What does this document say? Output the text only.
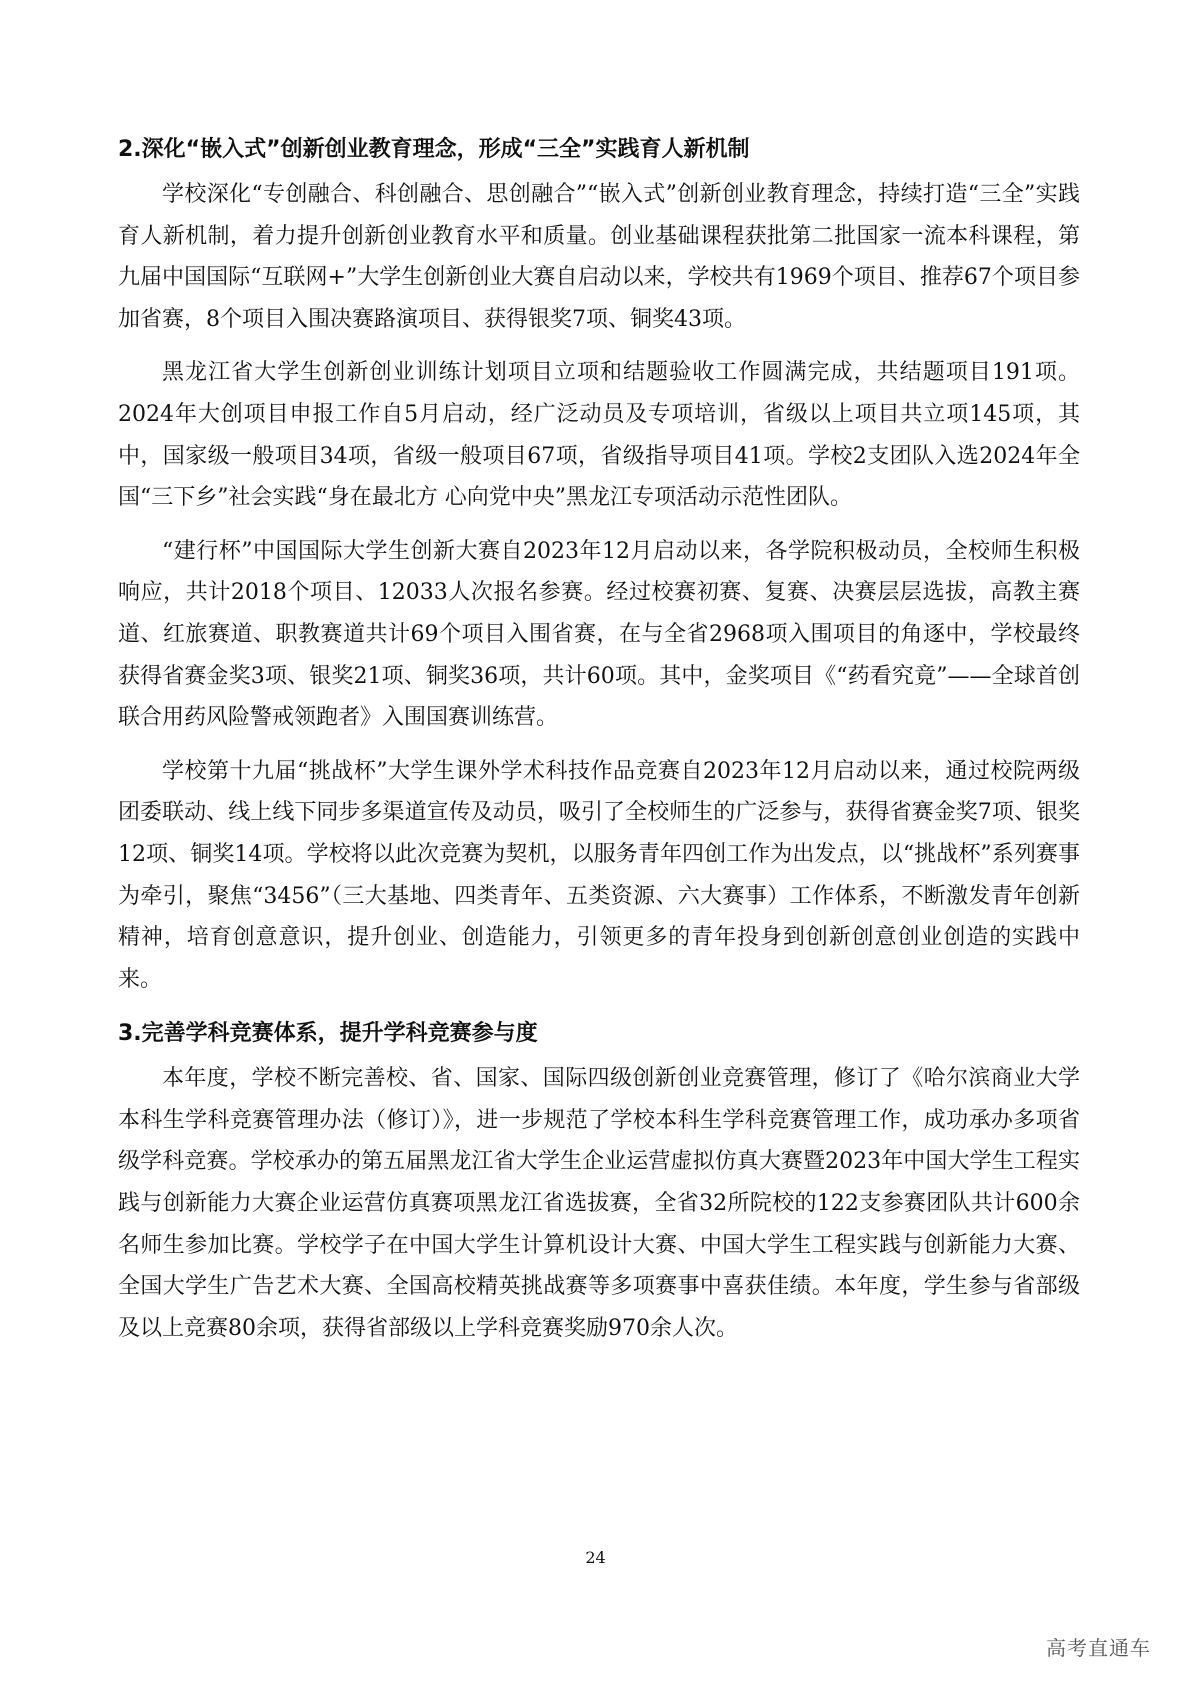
2.深化“嵌入式”创新创业教育理念，形成“三全”实践育人新机制

学校深化“专创融合、科创融合、思创融合”“嵌入式”创新创业教育理念，持续打造“三全”实践育人新机制，着力提升创新创业教育水平和质量。创业基础课程获批第二批国家一流本科课程，第九届中国国际“互联网+”大学生创新创业大赛自启动以来，学校共有1969个项目、推荐67个项目参加省赛，8个项目入围决赛路演项目、获得银奖7项、铜奖43项。

黑龙江省大学生创新创业训练计划项目立项和结题验收工作圆满完成，共结题项目191项。2024年大创项目申报工作自5月启动，经广泛动员及专项培训，省级以上项目共立项145项，其中，国家级一般项目34项，省级一般项目67项，省级指导项目41项。学校2支团队入选2024年全国“三下乡”社会实践“身在最北方 心向党中央”黑龙江专项活动示范性团队。

“建行杯”中国国际大学生创新大赛自2023年12月启动以来，各学院积极动员，全校师生积极响应，共计2018个项目、12033人次报名参赛。经过校赛初赛、复赛、决赛层层选拔，高教主赛道、红旅赛道、职教赛道共计69个项目入围省赛，在与全省2968项入围项目的角逐中，学校最终获得省赛金奖3项、银奖21项、铜奖36项，共计60项。其中，金奖项目《“药看究竟”——全球首创联合用药风险警戒领跑者》入围国赛训练营。

学校第十九届“挑战杯”大学生课外学术科技作品竞赛自2023年12月启动以来，通过校院两级团委联动、线上线下同步多渠道宣传及动员，吸引了全校师生的广泛参与，获得省赛金奖7项、银奖12项、铜奖14项。学校将以此次竞赛为契机，以服务青年四创工作为出发点，以“挑战杯”系列赛事为牵引，聚焦“3456”（三大基地、四类青年、五类资源、六大赛事）工作体系，不断激发青年创新精神，培育创意意识，提升创业、创造能力，引领更多的青年投身到创新创意创业创造的实践中来。

3.完善学科竞赛体系，提升学科竞赛参与度

本年度，学校不断完善校、省、国家、国际四级创新创业竞赛管理，修订了《哈尔滨商业大学本科生学科竞赛管理办法（修订）》，进一步规范了学校本科生学科竞赛管理工作，成功承办多项省级学科竞赛。学校承办的第五届黑龙江省大学生企业运营虚拟仿真大赛暨2023年中国大学生工程实践与创新能力大赛企业运营仿真赛项黑龙江省选拔赛，全省32所院校的122支参赛团队共计600余名师生参加比赛。学校学子在中国大学生计算机设计大赛、中国大学生工程实践与创新能力大赛、全国大学生广告艺术大赛、全国高校精英挑战赛等多项赛事中喜获佳绩。本年度，学生参与省部级及以上竞赛80余项，获得省部级以上学科竞赛奖励970余人次。

24
高考直通车
